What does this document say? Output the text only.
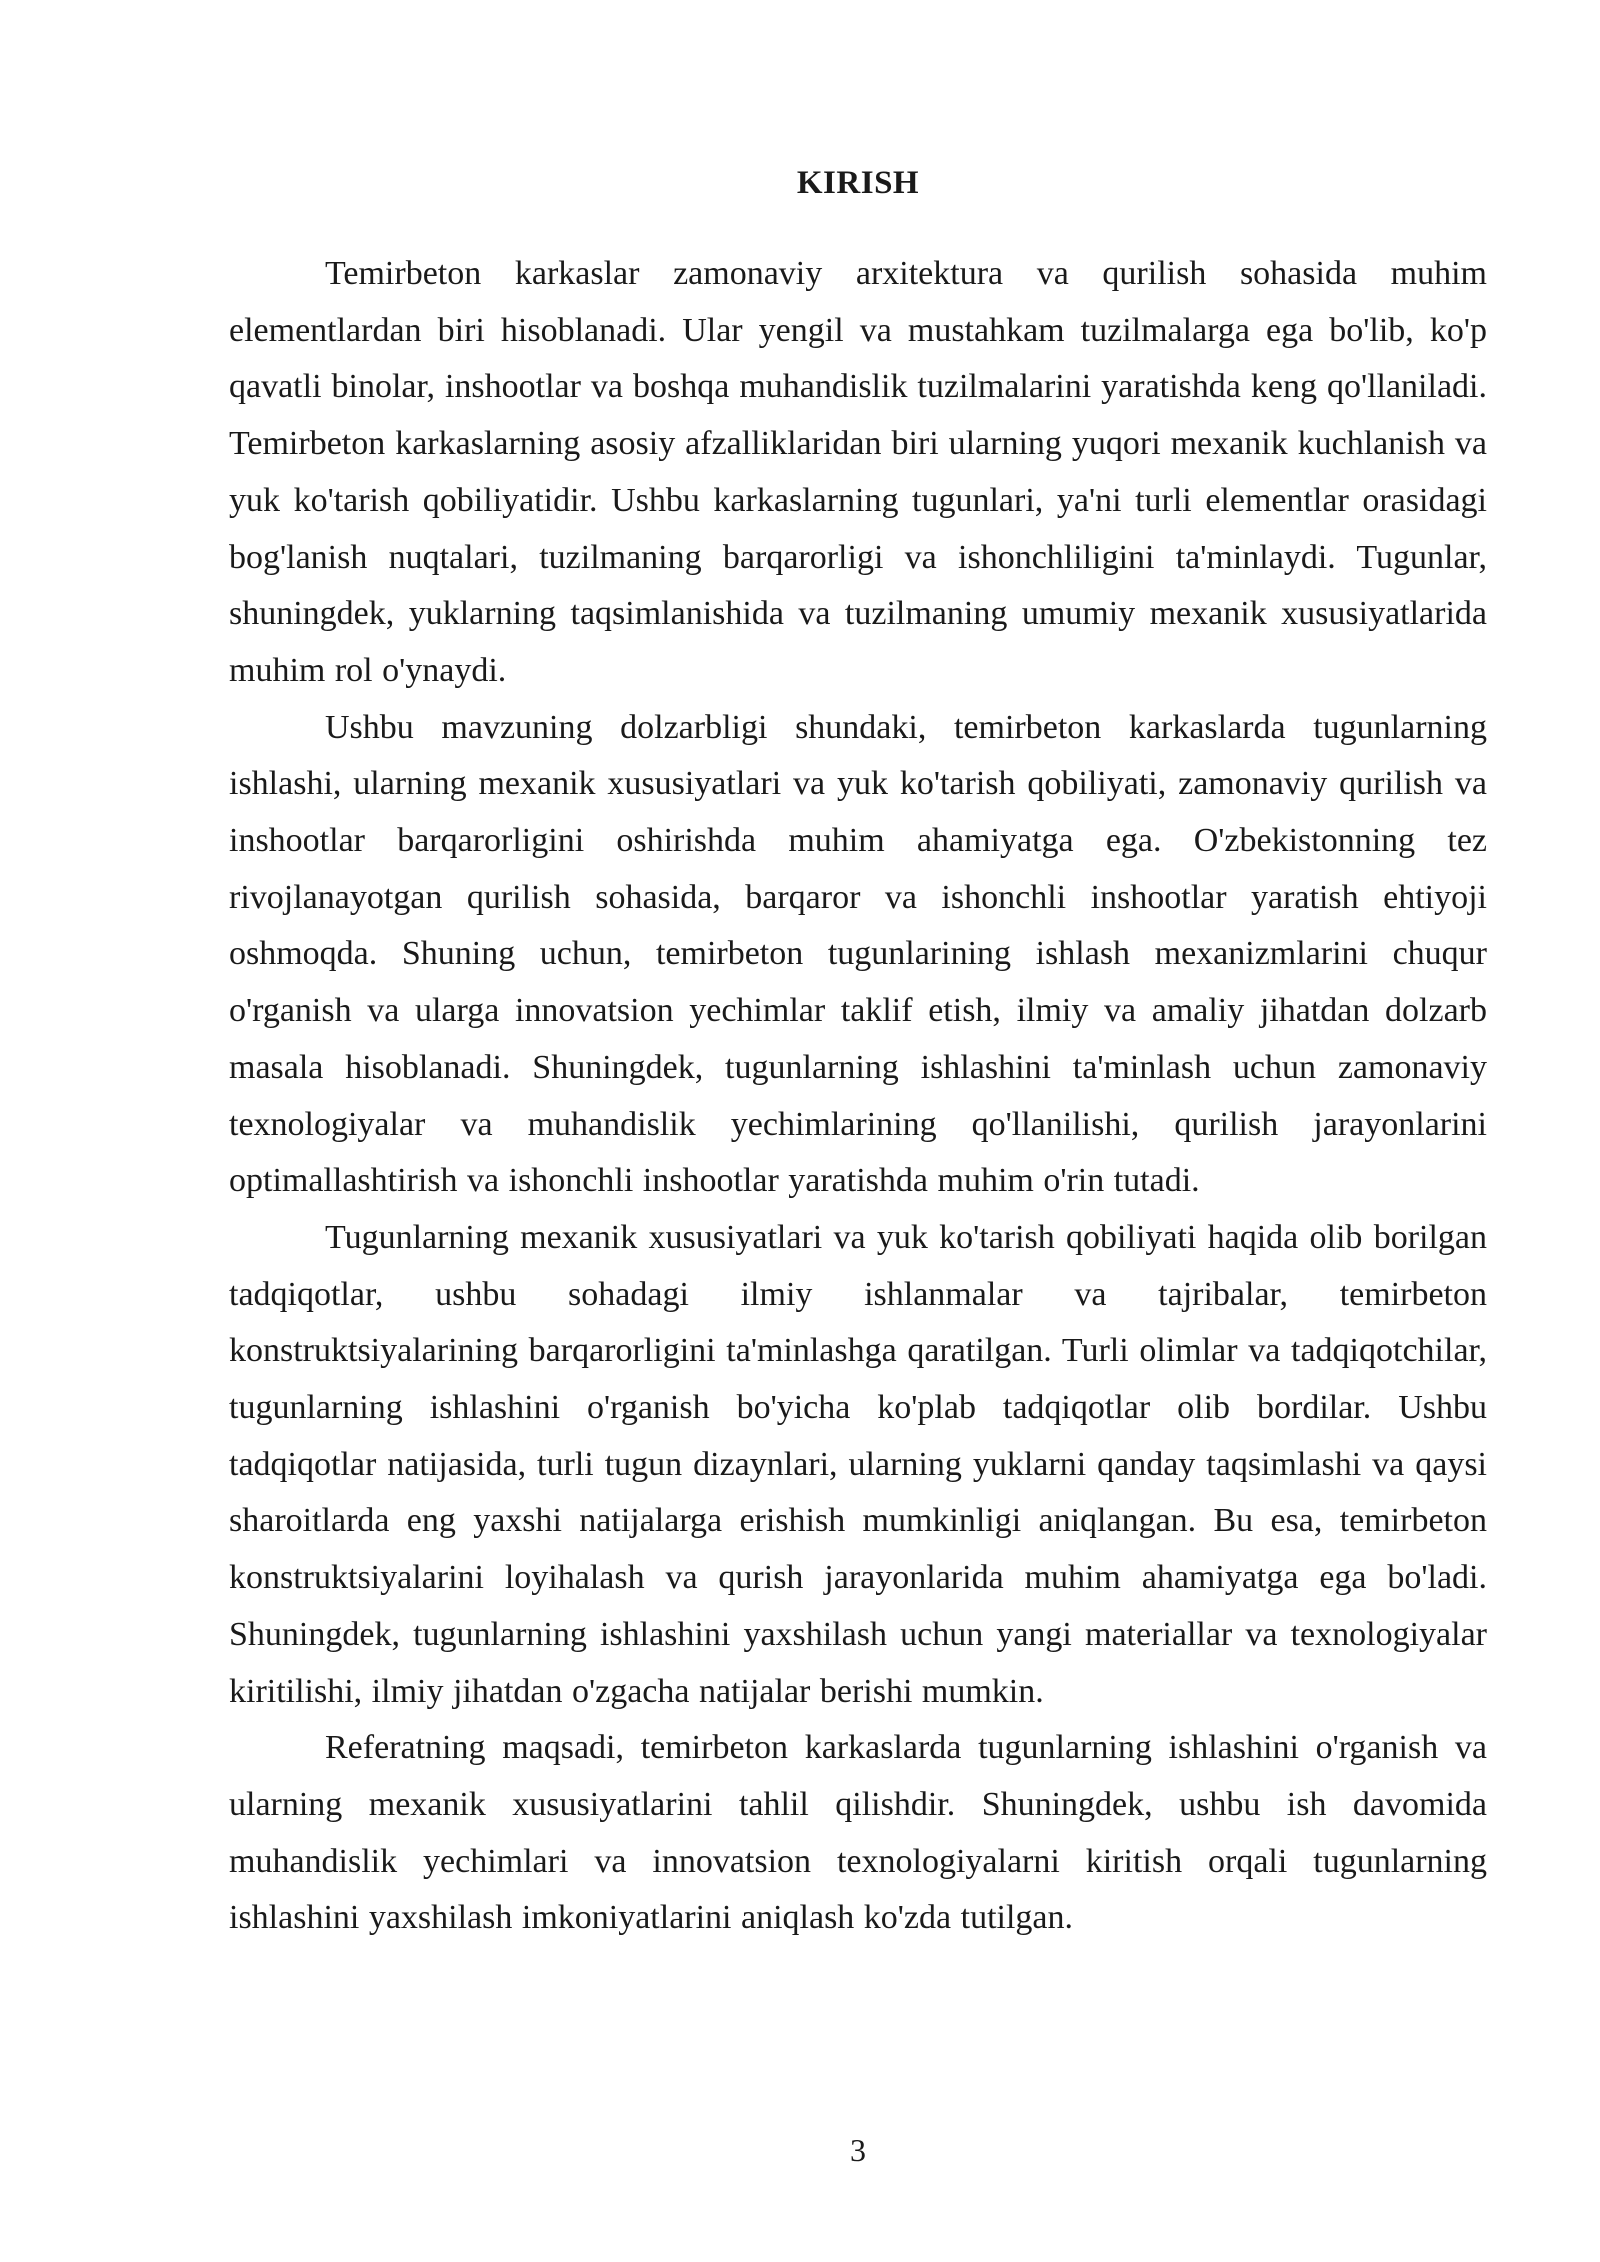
KIRISH

Temirbeton karkaslar zamonaviy arxitektura va qurilish sohasida muhim elementlardan biri hisoblanadi. Ular yengil va mustahkam tuzilmalarga ega bo'lib, ko'p qavatli binolar, inshootlar va boshqa muhandislik tuzilmalarini yaratishda keng qo'llaniladi. Temirbeton karkaslarning asosiy afzalliklaridan biri ularning yuqori mexanik kuchlanish va yuk ko'tarish qobiliyatidir. Ushbu karkaslarning tugunlari, ya'ni turli elementlar orasidagi bog'lanish nuqtalari, tuzilmaning barqarorligi va ishonchliligini ta'minlaydi. Tugunlar, shuningdek, yuklarning taqsimlanishida va tuzilmaning umumiy mexanik xususiyatlarida muhim rol o'ynaydi.

Ushbu mavzuning dolzarbligi shundaki, temirbeton karkaslarda tugunlarning ishlashi, ularning mexanik xususiyatlari va yuk ko'tarish qobiliyati, zamonaviy qurilish va inshootlar barqarorligini oshirishda muhim ahamiyatga ega. O'zbekistonning tez rivojlanayotgan qurilish sohasida, barqaror va ishonchli inshootlar yaratish ehtiyoji oshmoqda. Shuning uchun, temirbeton tugunlarining ishlash mexanizmlarini chuqur o'rganish va ularga innovatsion yechimlar taklif etish, ilmiy va amaliy jihatdan dolzarb masala hisoblanadi. Shuningdek, tugunlarning ishlashini ta'minlash uchun zamonaviy texnologiyalar va muhandislik yechimlarining qo'llanilishi, qurilish jarayonlarini optimallashtirish va ishonchli inshootlar yaratishda muhim o'rin tutadi.

Tugunlarning mexanik xususiyatlari va yuk ko'tarish qobiliyati haqida olib borilgan tadqiqotlar, ushbu sohadagi ilmiy ishlanmalar va tajribalar, temirbeton konstruktsiyalarining barqarorligini ta'minlashga qaratilgan. Turli olimlar va tadqiqotchilar, tugunlarning ishlashini o'rganish bo'yicha ko'plab tadqiqotlar olib bordilar. Ushbu tadqiqotlar natijasida, turli tugun dizaynlari, ularning yuklarni qanday taqsimlashi va qaysi sharoitlarda eng yaxshi natijalarga erishish mumkinligi aniqlangan. Bu esa, temirbeton konstruktsiyalarini loyihalash va qurish jarayonlarida muhim ahamiyatga ega bo'ladi. Shuningdek, tugunlarning ishlashini yaxshilash uchun yangi materiallar va texnologiyalar kiritilishi, ilmiy jihatdan o'zgacha natijalar berishi mumkin.

Referatning maqsadi, temirbeton karkaslarda tugunlarning ishlashini o'rganish va ularning mexanik xususiyatlarini tahlil qilishdir. Shuningdek, ushbu ish davomida muhandislik yechimlari va innovatsion texnologiyalarni kiritish orqali tugunlarning ishlashini yaxshilash imkoniyatlarini aniqlash ko'zda tutilgan.

3
